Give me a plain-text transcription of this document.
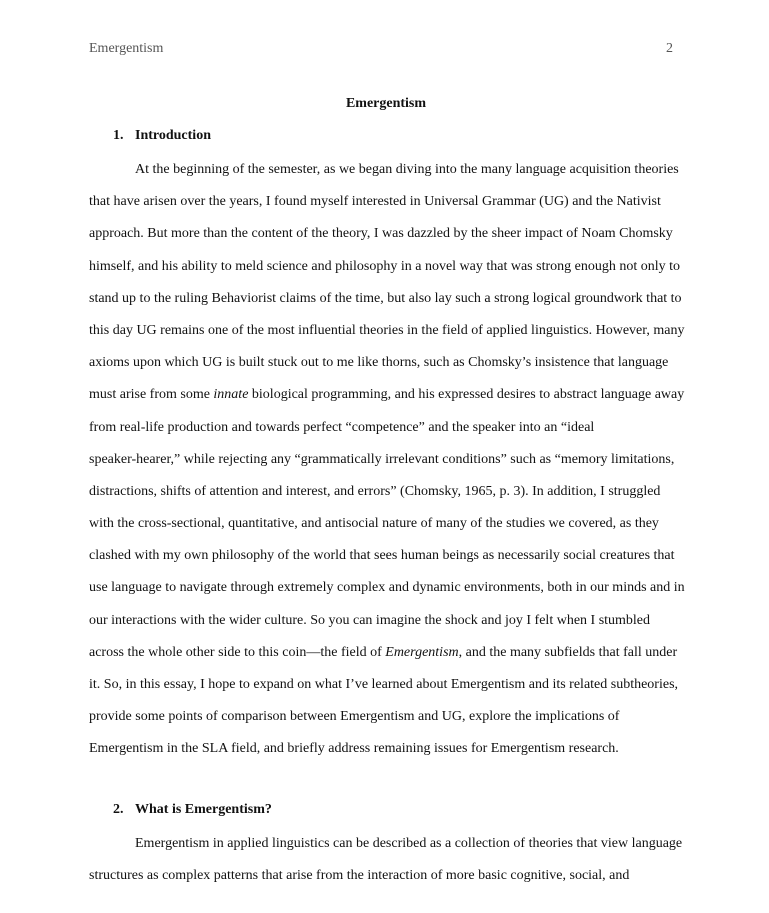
Emergentism	2
Emergentism
1. Introduction
At the beginning of the semester, as we began diving into the many language acquisition theories
that have arisen over the years, I found myself interested in Universal Grammar (UG) and the Nativist
approach. But more than the content of the theory, I was dazzled by the sheer impact of Noam Chomsky
himself, and his ability to meld science and philosophy in a novel way that was strong enough not only to
stand up to the ruling Behaviorist claims of the time, but also lay such a strong logical groundwork that to
this day UG remains one of the most influential theories in the field of applied linguistics. However, many
axioms upon which UG is built stuck out to me like thorns, such as Chomsky’s insistence that language
must arise from some innate biological programming, and his expressed desires to abstract language away
from real-life production and towards perfect “competence” and the speaker into an “ideal
speaker-hearer,” while rejecting any “grammatically irrelevant conditions” such as “memory limitations,
distractions, shifts of attention and interest, and errors” (Chomsky, 1965, p. 3). In addition, I struggled
with the cross-sectional, quantitative, and antisocial nature of many of the studies we covered, as they
clashed with my own philosophy of the world that sees human beings as necessarily social creatures that
use language to navigate through extremely complex and dynamic environments, both in our minds and in
our interactions with the wider culture. So you can imagine the shock and joy I felt when I stumbled
across the whole other side to this coin—the field of Emergentism, and the many subfields that fall under
it. So, in this essay, I hope to expand on what I’ve learned about Emergentism and its related subtheories,
provide some points of comparison between Emergentism and UG, explore the implications of
Emergentism in the SLA field, and briefly address remaining issues for Emergentism research.
2. What is Emergentism?
Emergentism in applied linguistics can be described as a collection of theories that view language
structures as complex patterns that arise from the interaction of more basic cognitive, social, and
